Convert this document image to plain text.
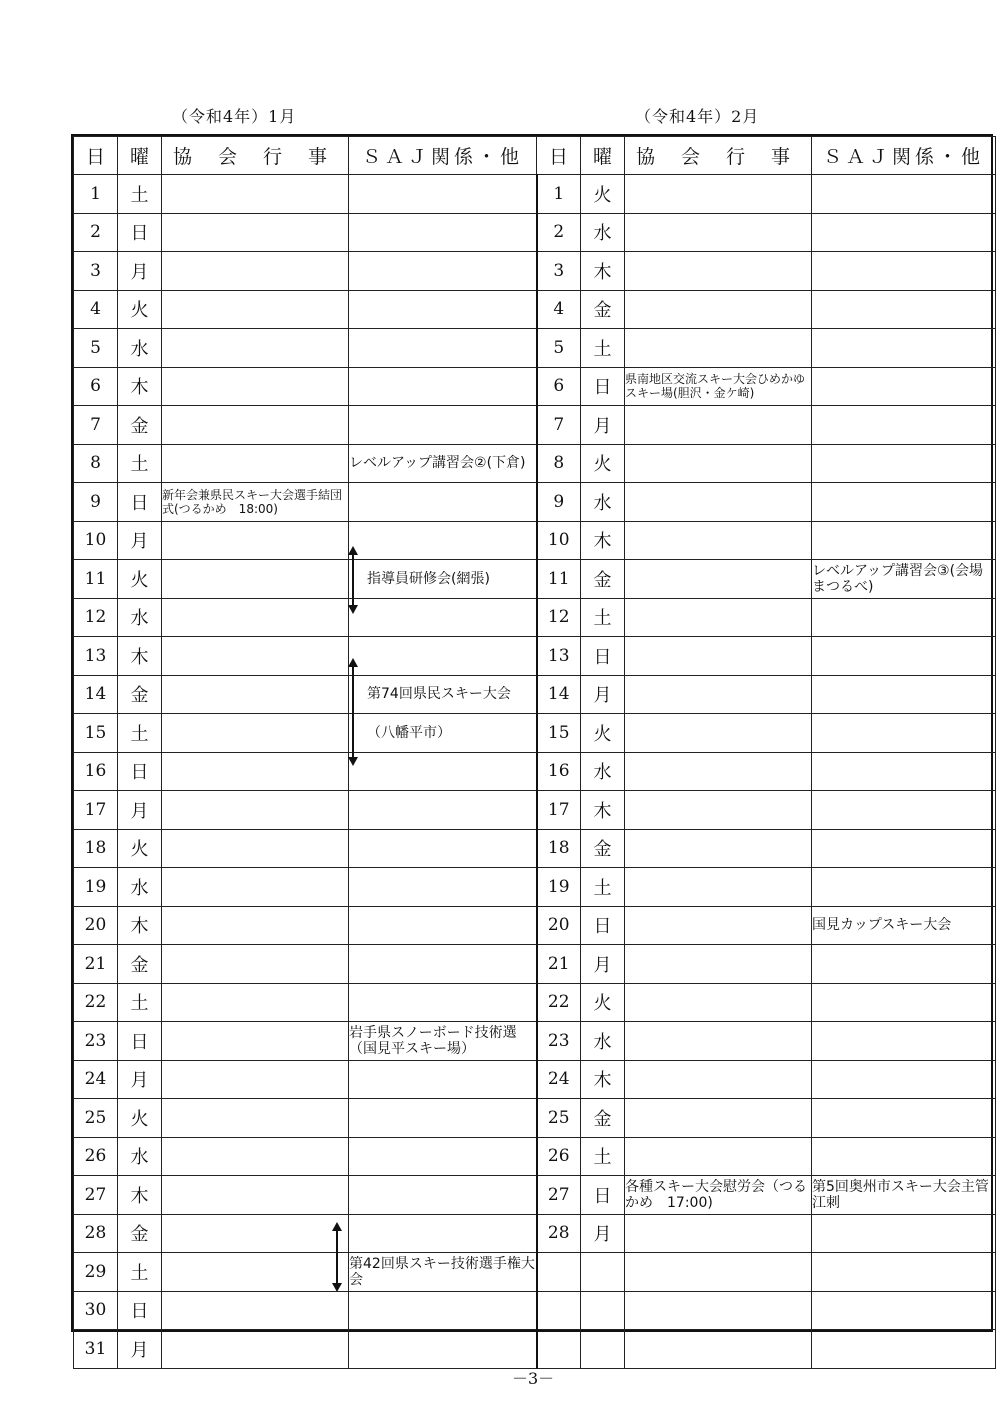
（令和4年）1月	（令和4年）2月
日	曜	協 会 行 事	ＳＡＪ関係・他	日	曜	協 会 行 事	ＳＡＪ関係・他
1	土			1	火		
2	日			2	水		
3	月			3	木		
4	火			4	金		
5	水			5	土		
6	木			6	日	県南地区交流スキー大会ひめかゆスキー場(胆沢・金ケ崎)	
7	金			7	月		
8	土		レベルアップ講習会②(下倉)	8	火		
9	日	新年会兼県民スキー大会選手結団式(つるかめ　18:00)		9	水		
10	月			10	木		
11	火		指導員研修会(網張)	11	金		レベルアップ講習会③(会場まつるべ)
12	水			12	土		
13	木			13	日		
14	金		第74回県民スキー大会	14	月		
15	土		（八幡平市）	15	火		
16	日			16	水		
17	月			17	木		
18	火			18	金		
19	水			19	土		
20	木			20	日		国見カップスキー大会
21	金			21	月		
22	土			22	火		
23	日		岩手県スノーボード技術選（国見平スキー場）	23	水		
24	月			24	木		
25	火			25	金		
26	水			26	土		
27	木			27	日	各種スキー大会慰労会（つるかめ　17:00)	第5回奥州市スキー大会主管江刺
28	金			28	月		
29	土		第42回県スキー技術選手権大会				
30	日						
31	月						
－3－
